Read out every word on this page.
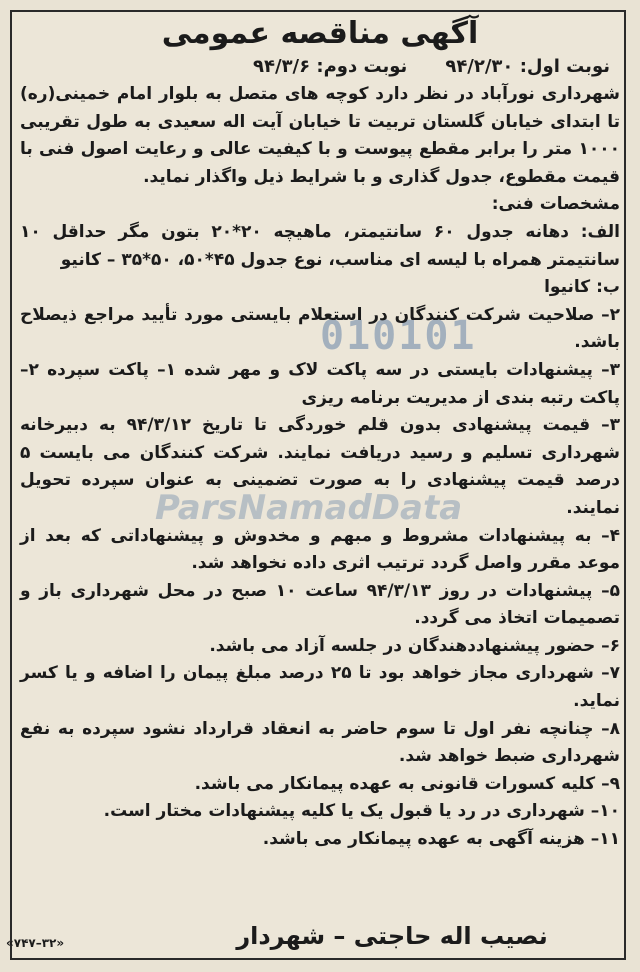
010101
ParsNamadData
آگهی مناقصه عمومی
نوبت اول: ۹۴/۲/۳۰
نوبت دوم: ۹۴/۳/۶

شهرداری نورآباد در نظر دارد کوچه های متصل به بلوار امام خمینی(ره) تا ابتدای خیابان گلستان تربیت تا خیابان آیت اله سعیدی به طول تقریبی ۱۰۰۰ متر را برابر مقطع پیوست و با کیفیت عالی و رعایت اصول فنی با قیمت مقطوع، جدول گذاری و با شرایط ذیل واگذار نماید.

مشخصات فنی:

الف: دهانه جدول ۶۰ سانتیمتر، ماهیچه ۲۰*۲۰ بتون مگر حداقل ۱۰ سانتیمتر همراه با لیسه ای مناسب، نوع جدول ۴۵*۵۰، ۵۰*۳۵ – کانیو

ب: کانیوا

۲– صلاحیت شرکت کنندگان در استعلام بایستی مورد تأیید مراجع ذیصلاح باشد.

۳– پیشنهادات بایستی در سه پاکت لاک و مهر شده ۱– پاکت سپرده ۲– پاکت رتبه بندی از مدیریت برنامه ریزی

۳– قیمت پیشنهادی بدون قلم خوردگی تا تاریخ ۹۴/۳/۱۲ به دبیرخانه شهرداری تسلیم و رسید دریافت نمایند. شرکت کنندگان می بایست ۵ درصد قیمت پیشنهادی را به صورت تضمینی به عنوان سپرده تحویل نمایند.

۴– به پیشنهادات مشروط و مبهم و مخدوش و پیشنهاداتی که بعد از موعد مقرر واصل گردد ترتیب اثری داده نخواهد شد.

۵– پیشنهادات در روز ۹۴/۳/۱۳ ساعت ۱۰ صبح در محل شهرداری باز و تصمیمات اتخاذ می گردد.

۶– حضور پیشنهاددهندگان در جلسه آزاد می باشد.

۷– شهرداری مجاز خواهد بود تا ۲۵ درصد مبلغ پیمان را اضافه و یا کسر نماید.

۸– چنانچه نفر اول تا سوم حاضر به انعقاد قرارداد نشود سپرده به نفع شهرداری ضبط خواهد شد.

۹– کلیه کسورات قانونی به عهده پیمانکار می باشد.

۱۰– شهرداری در رد یا قبول یک یا کلیه پیشنهادات مختار است.

۱۱– هزینه آگهی به عهده پیمانکار می باشد.

نصیب اله حاجتی – شهردار
«۷۴۷–۳۲»
